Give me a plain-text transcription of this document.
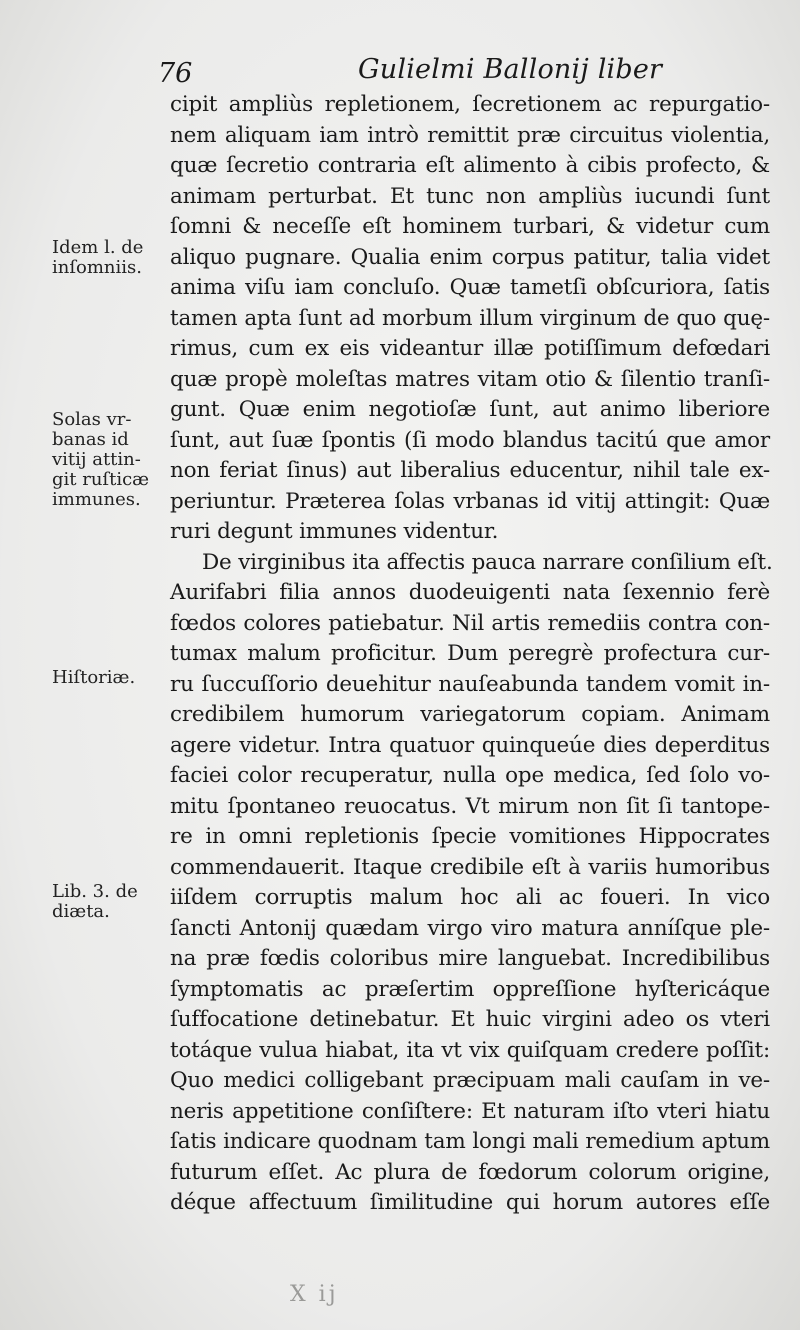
76	Gulielmi Ballonij liber
cipit ampliùs repletionem, ſecretionem ac repurgatio-
nem aliquam iam intrò remittit præ circuitus violentia,
quæ ſecretio contraria eſt alimento à cibis profecto, &
animam perturbat. Et tunc non ampliùs iucundi ſunt
ſomni & neceſſe eſt hominem turbari, & videtur cum
aliquo pugnare. Qualia enim corpus patitur, talia videt
anima viſu iam concluſo. Quæ tametſi obſcuriora, ſatis
tamen apta ſunt ad morbum illum virginum de quo quę-
rimus, cum ex eis videantur illæ potiſſimum defœdari
quæ propè moleſtas matres vitam otio & ſilentio tranſi-
gunt. Quæ enim negotioſæ ſunt, aut animo liberiore
ſunt, aut ſuæ ſpontis (ſi modo blandus tacitú que amor
non feriat ſinus) aut liberalius educentur, nihil tale ex-
periuntur. Præterea ſolas vrbanas id vitij attingit: Quæ
ruri degunt immunes videntur.
De virginibus ita affectis pauca narrare conſilium eſt.
Aurifabri filia annos duodeuigenti nata ſexennio ferè
fœdos colores patiebatur. Nil artis remediis contra con-
tumax malum proficitur. Dum peregrè profectura cur-
ru ſuccuſſorio deuehitur nauſeabunda tandem vomit in-
credibilem humorum variegatorum copiam. Animam
agere videtur. Intra quatuor quinqueúe dies deperditus
faciei color recuperatur, nulla ope medica, ſed ſolo vo-
mitu ſpontaneo reuocatus. Vt mirum non ſit ſi tantope-
re in omni repletionis ſpecie vomitiones Hippocrates
commendauerit. Itaque credibile eſt à variis humoribus
iiſdem corruptis malum hoc ali ac foueri. In vico
ſancti Antonij quædam virgo viro matura anníſque ple-
na præ fœdis coloribus mire languebat. Incredibilibus
ſymptomatis ac præſertim oppreſſione hyſtericáque
ſuffocatione detinebatur. Et huic virgini adeo os vteri
totáque vulua hiabat, ita vt vix quiſquam credere poſſit:
Quo medici colligebant præcipuam mali cauſam in ve-
neris appetitione conſiſtere: Et naturam iſto vteri hiatu
ſatis indicare quodnam tam longi mali remedium aptum
futurum eſſet. Ac plura de fœdorum colorum origine,
déque affectuum ſimilitudine qui horum autores eſſe
Idem l. de
inſomniis.
Solas vr-
banas id
vitij attin-
git ruſticæ
immunes.
Hiſtoriæ.
Lib. 3. de
diæta.
X ij
